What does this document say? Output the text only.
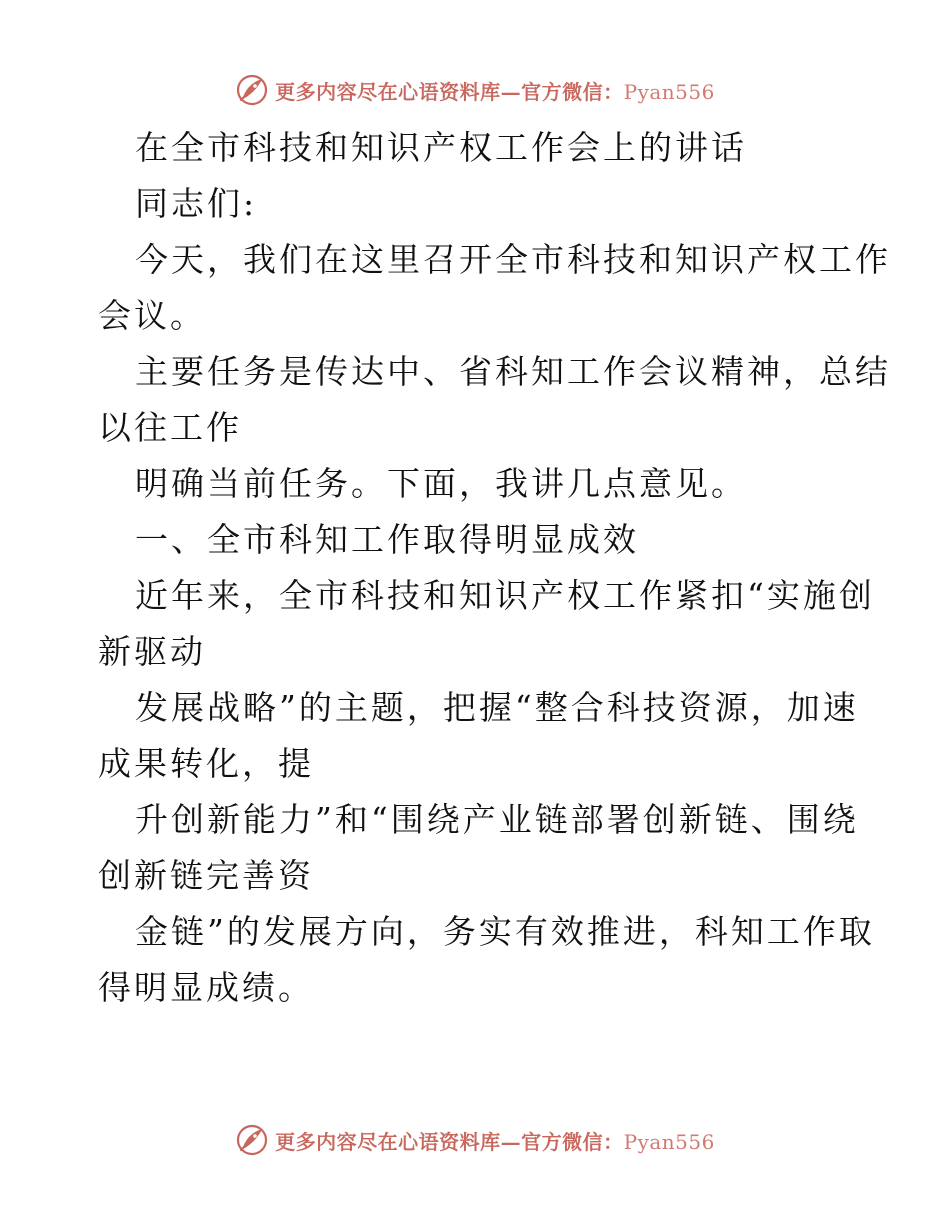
更多内容尽在心语资料库—官方微信：Pyan556

在全市科技和知识产权工作会上的讲话

同志们:

今天，我们在这里召开全市科技和知识产权工作

会议。

主要任务是传达中、省科知工作会议精神，总结

以往工作

明确当前任务。下面，我讲几点意见。

一、全市科知工作取得明显成效

近年来，全市科技和知识产权工作紧扣“实施创

新驱动

发展战略”的主题，把握“整合科技资源，加速

成果转化，提

升创新能力”和“围绕产业链部署创新链、围绕

创新链完善资

金链”的发展方向，务实有效推进，科知工作取

得明显成绩。

更多内容尽在心语资料库—官方微信：Pyan556
